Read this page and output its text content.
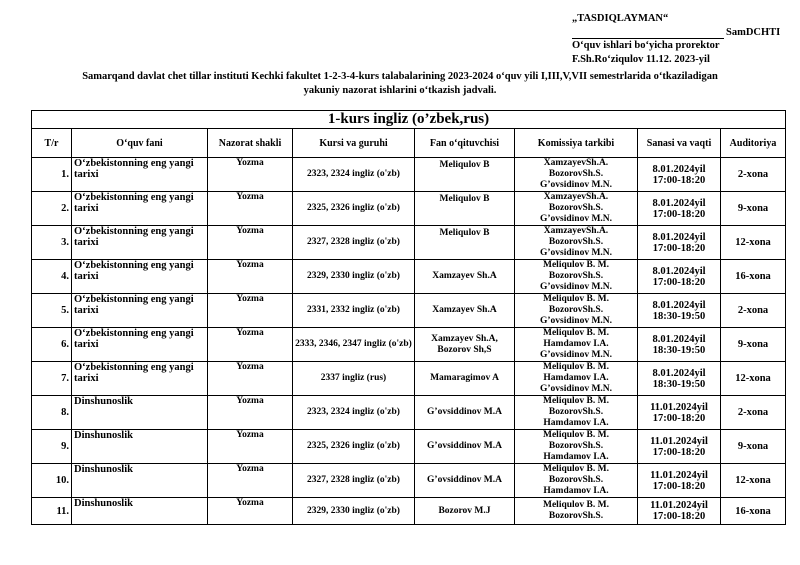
„TASDIQLAYMAN“
SamDCHTI
O‘quv ishlari bo‘yicha prorektor
F.Sh.Ro‘ziqulov 11.12. 2023-yil
Samarqand davlat chet tillar instituti Kechki fakultet 1-2-3-4-kurs talabalarining 2023-2024 o‘quv yili I,III,V,VII semestrlarida o‘tkaziladigan
yakuniy nazorat ishlarini o‘tkazish jadvali.
1-kurs ingliz (o’zbek,rus)							
T/r	O‘quv fani	Nazorat shakli	Kursi va guruhi	Fan o‘qituvchisi	Komissiya tarkibi	Sanasi va vaqti	Auditoriya
1.	O‘zbekistonning eng yangi tarixi	Yozma	2323, 2324 ingliz (o'zb)	Meliqulov B	XamzayevSh.A.
BozorovSh.S.
G’ovsidinov M.N.	8.01.2024yil
17:00-18:20	2-xona
2.	O‘zbekistonning eng yangi tarixi	Yozma	2325, 2326 ingliz (o'zb)	Meliqulov B	XamzayevSh.A.
BozorovSh.S.
G’ovsidinov M.N.	8.01.2024yil
17:00-18:20	9-xona
3.	O‘zbekistonning eng yangi tarixi	Yozma	2327, 2328 ingliz (o'zb)	Meliqulov B	XamzayevSh.A.
BozorovSh.S.
G’ovsidinov M.N.	8.01.2024yil
17:00-18:20	12-xona
4.	O‘zbekistonning eng yangi tarixi	Yozma	2329, 2330 ingliz (o'zb)	Xamzayev Sh.A	Meliqulov B. M.
BozorovSh.S.
G’ovsidinov M.N.	8.01.2024yil
17:00-18:20	16-xona
5.	O‘zbekistonning eng yangi tarixi	Yozma	2331, 2332 ingliz (o'zb)	Xamzayev Sh.A	Meliqulov B. M.
BozorovSh.S.
G’ovsidinov M.N.	8.01.2024yil
18:30-19:50	2-xona
6.	O‘zbekistonning eng yangi tarixi	Yozma	2333, 2346, 2347 ingliz (o'zb)	Xamzayev Sh.A, Bozorov Sh,S	Meliqulov B. M.
Hamdamov I.A.
G’ovsidinov M.N.	8.01.2024yil
18:30-19:50	9-xona
7.	O‘zbekistonning eng yangi tarixi	Yozma	2337 ingliz (rus)	Mamaragimov A	Meliqulov B. M.
Hamdamov I.A.
G’ovsidinov M.N.	8.01.2024yil
18:30-19:50	12-xona
8.	Dinshunoslik	Yozma	2323, 2324 ingliz (o'zb)	G’ovsiddinov M.A	Meliqulov B. M.
BozorovSh.S.
Hamdamov I.A.	11.01.2024yil
17:00-18:20	2-xona
9.	Dinshunoslik	Yozma	2325, 2326 ingliz (o'zb)	G’ovsiddinov M.A	Meliqulov B. M.
BozorovSh.S.
Hamdamov I.A.	11.01.2024yil
17:00-18:20	9-xona
10.	Dinshunoslik	Yozma	2327, 2328 ingliz (o'zb)	G’ovsiddinov M.A	Meliqulov B. M.
BozorovSh.S.
Hamdamov I.A.	11.01.2024yil
17:00-18:20	12-xona
11.	Dinshunoslik	Yozma	2329, 2330 ingliz (o'zb)	Bozorov M.J	Meliqulov B. M.
BozorovSh.S.	11.01.2024yil
17:00-18:20	16-xona
